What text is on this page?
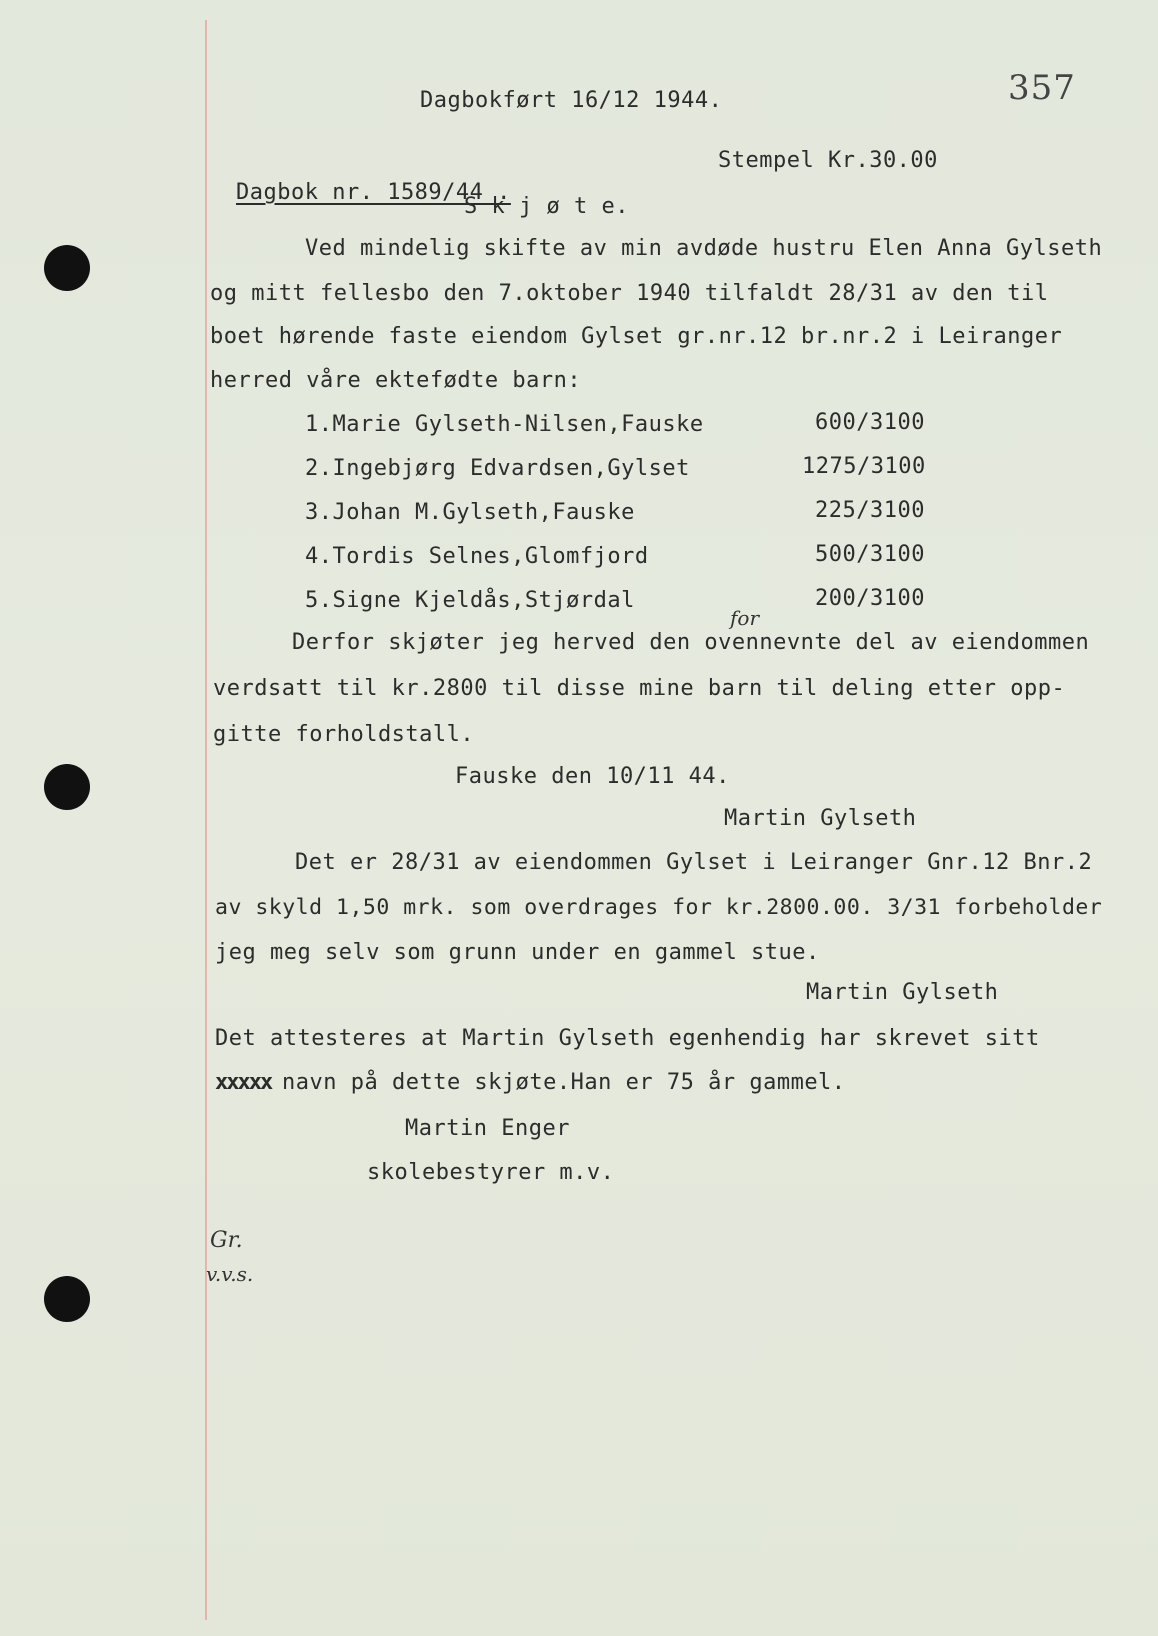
Dagbokført 16/12 1944.	357
Stempel Kr.30.00
Dagbok nr. 1589/44 .
S k j ø t e.
Ved mindelig skifte av min avdøde hustru Elen Anna Gylseth
og mitt fellesbo den 7.oktober 1940 tilfaldt 28/31 av den til
boet hørende faste eiendom Gylset gr.nr.12 br.nr.2 i Leiranger
herred våre ektefødte barn:
1.Marie Gylseth-Nilsen,Fauske	600/3100
2.Ingebjørg Edvardsen,Gylset	1275/3100
3.Johan M.Gylseth,Fauske	225/3100
4.Tordis Selnes,Glomfjord	500/3100
5.Signe Kjeldås,Stjørdal	200/3100
for
Derfor skjøter jeg herved den ovennevnte del av eiendommen
verdsatt til kr.2800 til disse mine barn til deling etter opp-
gitte forholdstall.
Fauske den 10/11 44.
Martin Gylseth
Det er 28/31 av eiendommen Gylset i Leiranger Gnr.12 Bnr.2
av skyld 1,50 mrk. som overdrages for kr.2800.00. 3/31 forbeholder
jeg meg selv som grunn under en gammel stue.
Martin Gylseth
Det attesteres at Martin Gylseth egenhendig har skrevet sitt
xxxxx navn på dette skjøte.Han er 75 år gammel.
Martin Enger
skolebestyrer m.v.
Gr.
v.v.s.
